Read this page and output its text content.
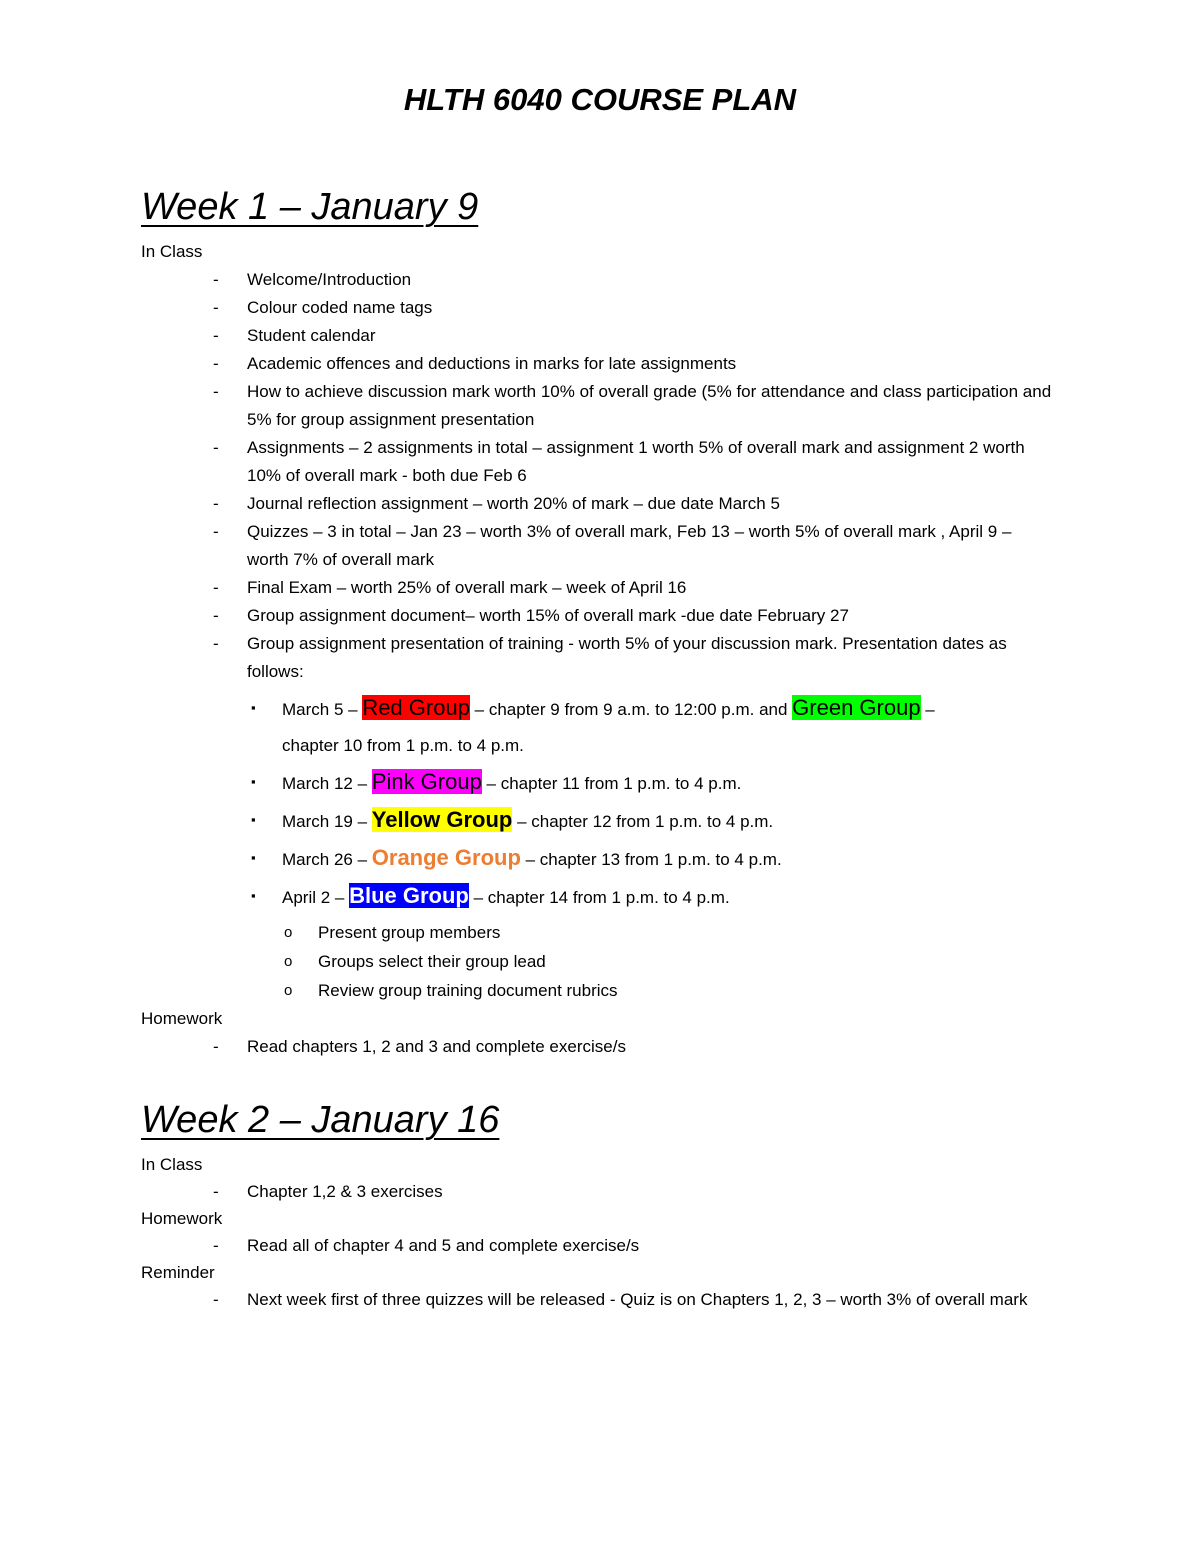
HLTH 6040 COURSE PLAN
Week 1 – January 9
In Class
- Welcome/Introduction
- Colour coded name tags
- Student calendar
- Academic offences and deductions in marks for late assignments
- How to achieve discussion mark worth 10% of overall grade (5% for attendance and class participation and 5% for group assignment presentation
- Assignments – 2 assignments in total – assignment 1 worth 5% of overall mark and assignment 2 worth 10% of overall mark - both due Feb 6
- Journal reflection assignment – worth 20% of mark – due date March 5
- Quizzes – 3 in total – Jan 23 – worth 3% of overall mark, Feb 13 – worth 5% of overall mark , April 9 – worth 7% of overall mark
- Final Exam – worth 25% of overall mark – week of April 16
- Group assignment document– worth 15% of overall mark -due date February 27
- Group assignment presentation of training - worth 5% of your discussion mark. Presentation dates as follows:
▪ March 5 – Red Group – chapter 9 from 9 a.m. to 12:00 p.m. and Green Group – chapter 10 from 1 p.m. to 4 p.m.
▪ March 12 – Pink Group – chapter 11 from 1 p.m. to 4 p.m.
▪ March 19 – Yellow Group – chapter 12 from 1 p.m. to 4 p.m.
▪ March 26 – Orange Group – chapter 13 from 1 p.m. to 4 p.m.
▪ April 2 – Blue Group – chapter 14 from 1 p.m. to 4 p.m.
o Present group members
o Groups select their group lead
o Review group training document rubrics
Homework
- Read chapters 1, 2 and 3 and complete exercise/s
Week 2 – January 16
In Class
- Chapter 1,2 & 3 exercises
Homework
- Read all of chapter 4 and 5 and complete exercise/s
Reminder
- Next week first of three quizzes will be released - Quiz is on Chapters 1, 2, 3 – worth 3% of overall mark
